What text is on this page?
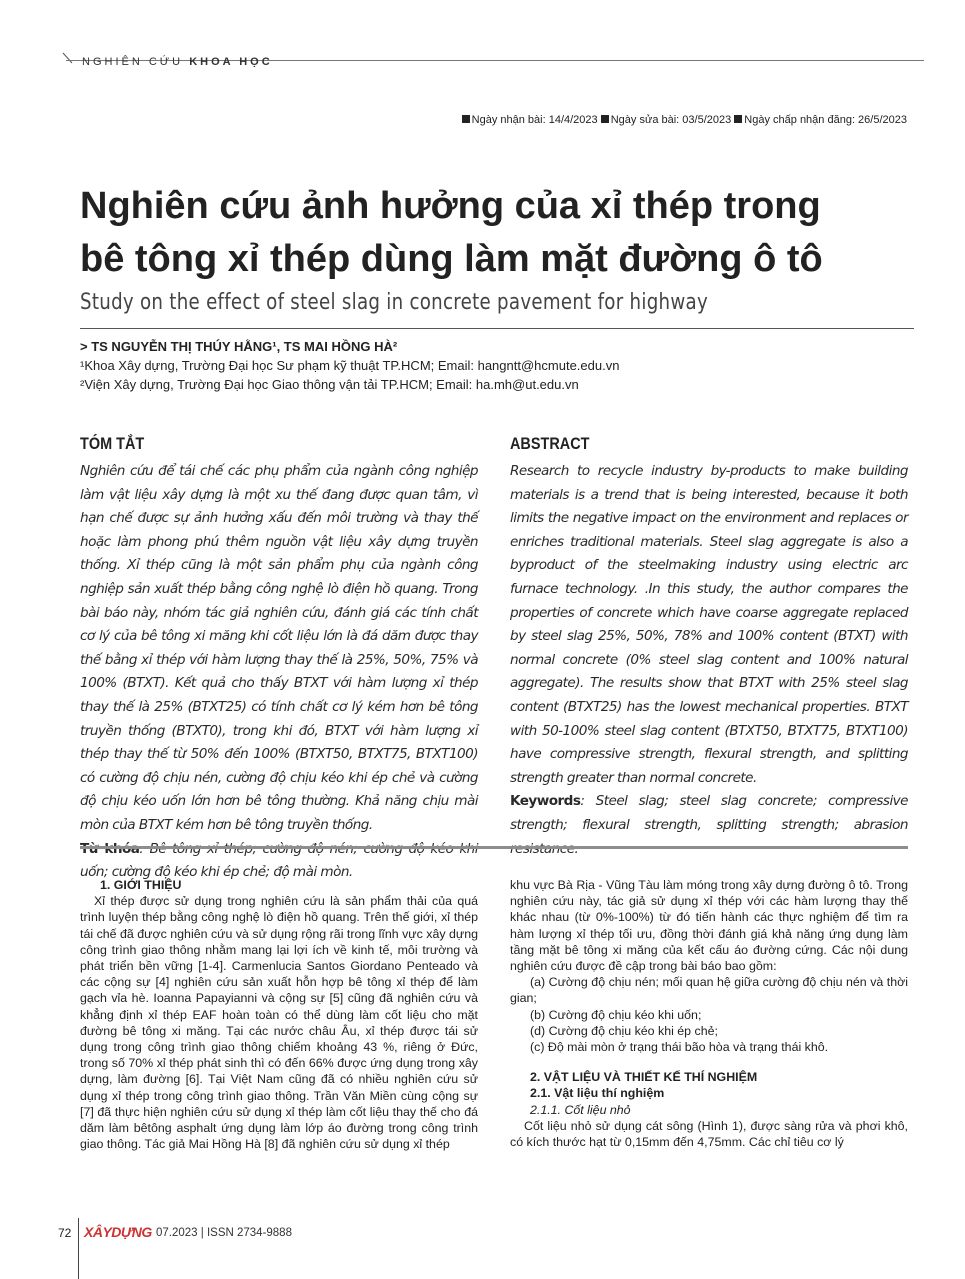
NGHIÊN CỨU KHOA HỌC
Ngày nhận bài: 14/4/2023 Ngày sửa bài: 03/5/2023 Ngày chấp nhận đăng: 26/5/2023
Nghiên cứu ảnh hưởng của xỉ thép trong
bê tông xỉ thép dùng làm mặt đường ô tô
Study on the effect of steel slag in concrete pavement for highway
> TS NGUYỄN THỊ THÚY HẰNG¹, TS MAI HỒNG HÀ²
¹Khoa Xây dựng, Trường Đại học Sư phạm kỹ thuật TP.HCM; Email: hangntt@hcmute.edu.vn
²Viện Xây dựng, Trường Đại học Giao thông vận tải TP.HCM; Email: ha.mh@ut.edu.vn
TÓM TẮT
Nghiên cứu để tái chế các phụ phẩm của ngành công nghiệp làm vật liệu xây dựng là một xu thế đang được quan tâm, vì hạn chế được sự ảnh hưởng xấu đến môi trường và thay thế hoặc làm phong phú thêm nguồn vật liệu xây dựng truyền thống. Xỉ thép cũng là một sản phẩm phụ của ngành công nghiệp sản xuất thép bằng công nghệ lò điện hồ quang. Trong bài báo này, nhóm tác giả nghiên cứu, đánh giá các tính chất cơ lý của bê tông xi măng khi cốt liệu lớn là đá dăm được thay thế bằng xỉ thép với hàm lượng thay thế là 25%, 50%, 75% và 100% (BTXT). Kết quả cho thấy BTXT với hàm lượng xỉ thép thay thế là 25% (BTXT25) có tính chất cơ lý kém hơn bê tông truyền thống (BTXT0), trong khi đó, BTXT với hàm lượng xỉ thép thay thế từ 50% đến 100% (BTXT50, BTXT75, BTXT100) có cường độ chịu nén, cường độ chịu kéo khi ép chẻ và cường độ chịu kéo uốn lớn hơn bê tông thường. Khả năng chịu mài mòn của BTXT kém hơn bê tông truyền thống.
uốn; cường độ kéo khi ép chẻ; độ mài mòn.
ABSTRACT
Research to recycle industry by-products to make building materials is a trend that is being interested, because it both limits the negative impact on the environment and replaces or enriches traditional materials. Steel slag aggregate is also a byproduct of the steelmaking industry using electric arc furnace technology. .In this study, the author compares the properties of concrete which have coarse aggregate replaced by steel slag 25%, 50%, 78% and 100% content (BTXT) with normal concrete (0% steel slag content and 100% natural aggregate). The results show that BTXT with 25% steel slag content (BTXT25) has the lowest mechanical properties. BTXT with 50-100% steel slag content (BTXT50, BTXT75, BTXT100) have compressive strength, flexural strength, and splitting strength greater than normal concrete.
Keywords: Steel slag; steel slag concrete; compressive strength; flexural strength, splitting strength; abrasion

1. GIỚI THIỆU

Xỉ thép được sử dụng trong nghiên cứu là sản phẩm thải của quá trình luyện thép bằng công nghệ lò điện hồ quang. Trên thế giới, xỉ thép tái chế đã được nghiên cứu và sử dụng rộng rãi trong lĩnh vực xây dựng công trình giao thông nhằm mang lại lợi ích về kinh tế, môi trường và phát triển bền vững [1-4]. Carmenlucia Santos Giordano Penteado và các cộng sự [4] nghiên cứu sản xuất hỗn hợp bê tông xỉ thép để làm gạch vỉa hè. Ioanna Papayianni và cộng sự [5] cũng đã nghiên cứu và khẳng định xỉ thép EAF hoàn toàn có thể dùng làm cốt liệu cho mặt đường bê tông xi măng. Tại các nước châu Âu, xỉ thép được tái sử dụng trong công trình giao thông chiếm khoảng 43 %, riêng ở Đức, trong số 70% xỉ thép phát sinh thì có đến 66% được ứng dụng trong xây dựng, làm đường [6]. Tại Việt Nam cũng đã có nhiều nghiên cứu sử dụng xỉ thép trong công trình giao thông. Trần Văn Miền cùng cộng sự [7] đã thực hiện nghiên cứu sử dụng xỉ thép làm cốt liệu thay thế cho đá dăm làm bêtông asphalt ứng dụng làm lớp áo đường trong công trình giao thông. Tác giả Mai Hồng Hà [8] đã nghiên cứu sử dụng xỉ thép

khu vực Bà Rịa - Vũng Tàu làm móng trong xây dựng đường ô tô. Trong nghiên cứu này, tác giả sử dụng xỉ thép với các hàm lượng thay thế khác nhau (từ 0%-100%) từ đó tiến hành các thực nghiệm để tìm ra hàm lượng xỉ thép tối ưu, đồng thời đánh giá khả năng ứng dụng làm tầng mặt bê tông xi măng của kết cấu áo đường cứng. Các nội dung nghiên cứu được đề cập trong bài báo bao gồm:

(a) Cường độ chịu nén; mối quan hệ giữa cường độ chịu nén và thời gian;

(b) Cường độ chịu kéo khi uốn;

(d) Cường độ chịu kéo khi ép chẻ;

(c) Độ mài mòn ở trạng thái bão hòa và trạng thái khô.

2. VẬT LIỆU VÀ THIẾT KẾ THÍ NGHIỆM

2.1. Vật liệu thí nghiệm

2.1.1. Cốt liệu nhỏ

Cốt liệu nhỏ sử dụng cát sông (Hình 1), được sàng rửa và phơi khô, có kích thước hạt từ 0,15mm đến 4,75mm. Các chỉ tiêu cơ lý

72 XÂYDỰNG 07.2023 | ISSN 2734-9888
